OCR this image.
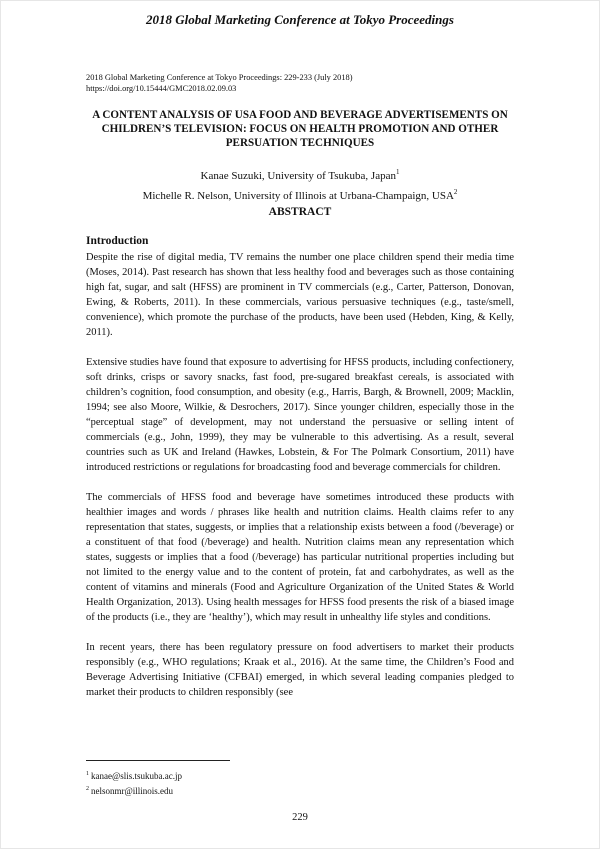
2018 Global Marketing Conference at Tokyo Proceedings
2018 Global Marketing Conference at Tokyo Proceedings: 229-233 (July 2018)
https://doi.org/10.15444/GMC2018.02.09.03
A CONTENT ANALYSIS OF USA FOOD AND BEVERAGE ADVERTISEMENTS ON CHILDREN’S TELEVISION: FOCUS ON HEALTH PROMOTION AND OTHER PERSUATION TECHNIQUES
Kanae Suzuki, University of Tsukuba, Japan$^1$
Michelle R. Nelson, University of Illinois at Urbana-Champaign, USA$^2$
ABSTRACT
Introduction

Despite the rise of digital media, TV remains the number one place children spend their media time (Moses, 2014). Past research has shown that less healthy food and beverages such as those containing high fat, sugar, and salt (HFSS) are prominent in TV commercials (e.g., Carter, Patterson, Donovan, Ewing, & Roberts, 2011). In these commercials, various persuasive techniques (e.g., taste/smell, convenience), which promote the purchase of the products, have been used (Hebden, King, & Kelly, 2011).

Extensive studies have found that exposure to advertising for HFSS products, including confectionery, soft drinks, crisps or savory snacks, fast food, pre-sugared breakfast cereals, is associated with children’s cognition, food consumption, and obesity (e.g., Harris, Bargh, & Brownell, 2009; Macklin, 1994; see also Moore, Wilkie, & Desrochers, 2017). Since younger children, especially those in the “perceptual stage” of development, may not understand the persuasive or selling intent of commercials (e.g., John, 1999), they may be vulnerable to this advertising. As a result, several countries such as UK and Ireland (Hawkes, Lobstein, & For The Polmark Consortium, 2011) have introduced restrictions or regulations for broadcasting food and beverage commercials for children.

The commercials of HFSS food and beverage have sometimes introduced these products with healthier images and words / phrases like health and nutrition claims. Health claims refer to any representation that states, suggests, or implies that a relationship exists between a food (/beverage) or a constituent of that food (/beverage) and health. Nutrition claims mean any representation which states, suggests or implies that a food (/beverage) has particular nutritional properties including but not limited to the energy value and to the content of protein, fat and carbohydrates, as well as the content of vitamins and minerals (Food and Agriculture Organization of the United States & World Health Organization, 2013). Using health messages for HFSS food presents the risk of a biased image of the products (i.e., they are ‘healthy’), which may result in unhealthy life styles and conditions.

In recent years, there has been regulatory pressure on food advertisers to market their products responsibly (e.g., WHO regulations; Kraak et al., 2016). At the same time, the Children’s Food and Beverage Advertising Initiative (CFBAI) emerged, in which several leading companies pledged to market their products to children responsibly (see

$^1$ kanae@slis.tsukuba.ac.jp
$^2$ nelsonmr@illinois.edu
229
